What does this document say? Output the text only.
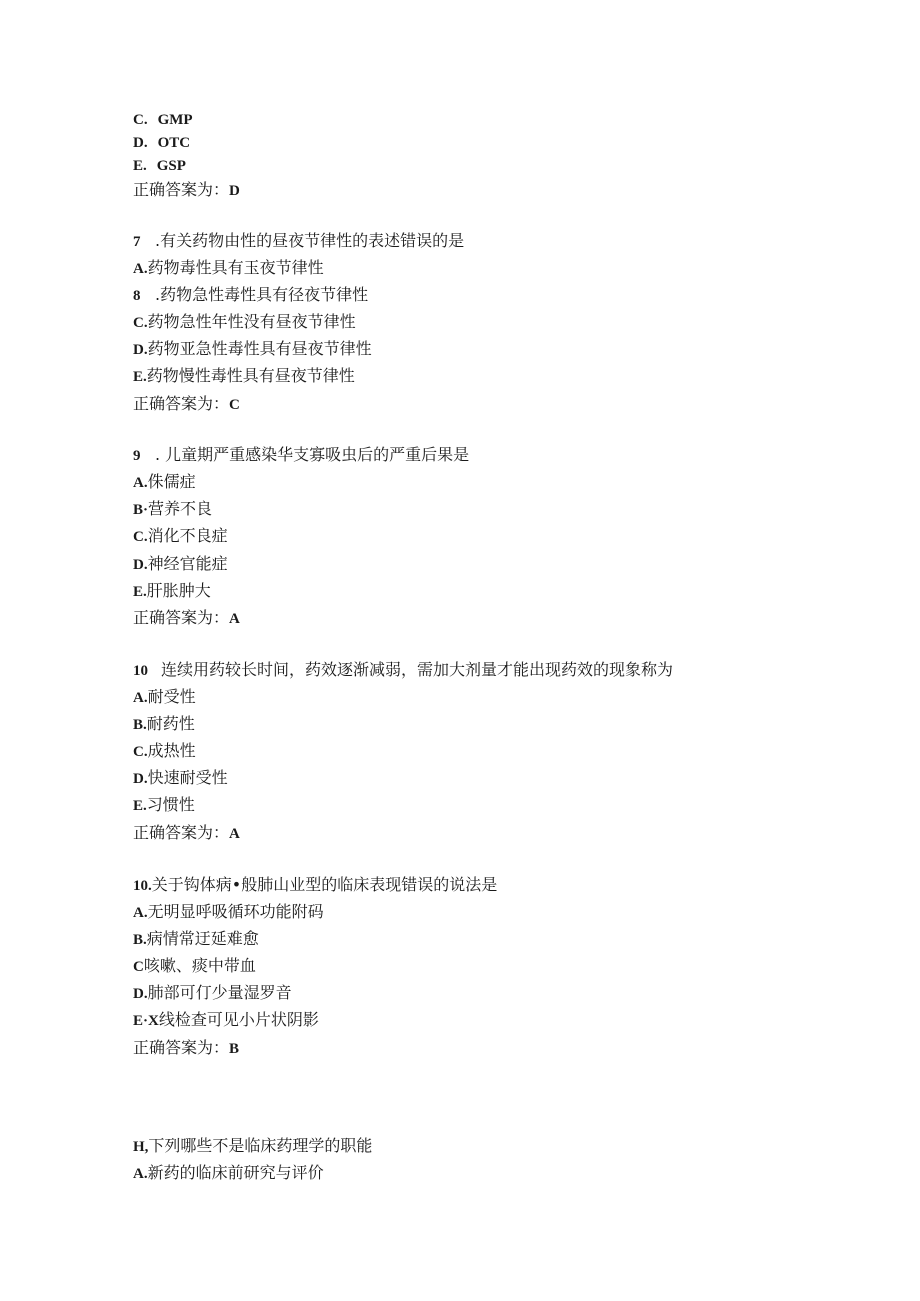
C. GMP
D. OTC
E. GSP
正确答案为：D
7 .有关药物由性的昼夜节律性的表述错误的是
A.药物毒性具有玉夜节律性
8 .药物急性毒性具有径夜节律性
C.药物急性年性没有昼夜节律性
D.药物亚急性毒性具有昼夜节律性
E.药物慢性毒性具有昼夜节律性
正确答案为：C
9 . 儿童期严重感染华支寡吸虫后的严重后果是
A.侏儒症
B·营养不良
C.消化不良症
D.神经官能症
E.肝胀肿大
正确答案为：A
10 连续用药较长时间，药效逐渐减弱，需加大剂量才能出现药效的现象称为
A.耐受性
B.耐药性
C.成热性
D.快速耐受性
E.习惯性
正确答案为：A
10.关于钩体病•般肺山业型的临床表现错误的说法是
A.无明显呼吸循环功能附码
B.病情常迂延难愈
C咳嗽、痰中带血
D.肺部可仃少量湿罗音
E·X线检查可见小片状阴影
正确答案为：B
H,下列哪些不是临床药理学的职能
A.新药的临床前研究与评价
